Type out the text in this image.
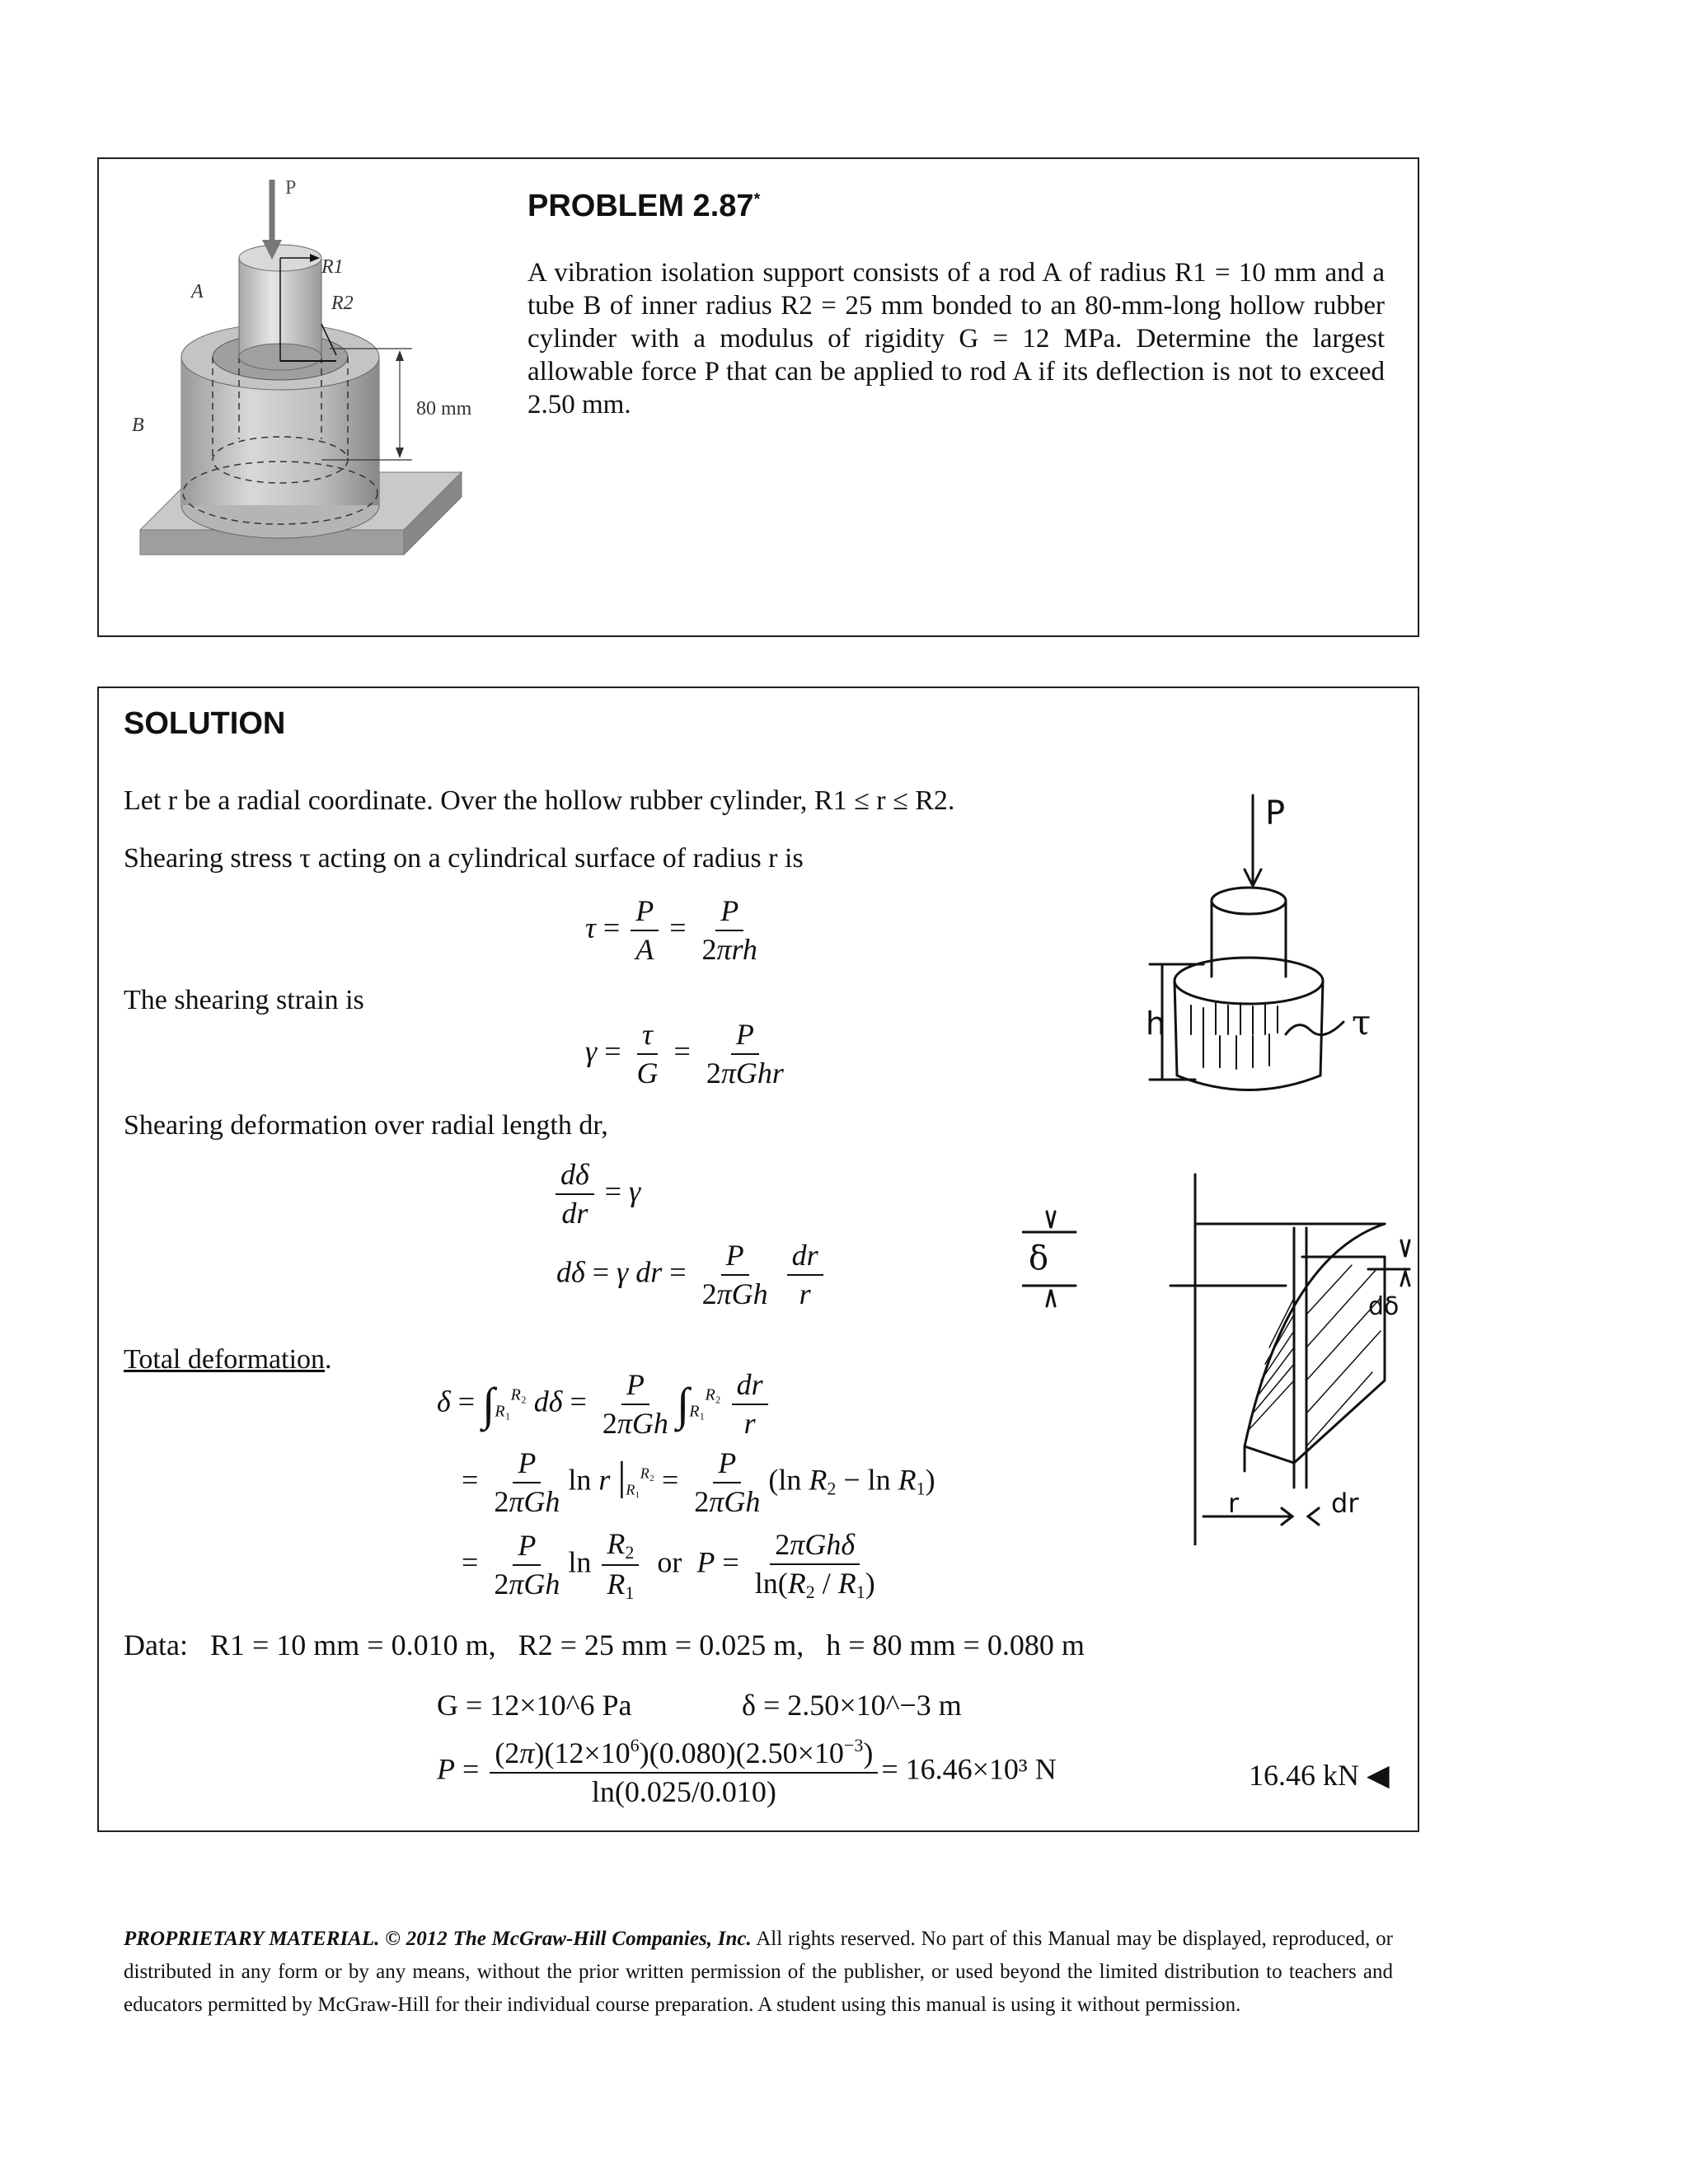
P
A
B
R1
R2
80 mm
PROBLEM 2.87*
A vibration isolation support consists of a rod A of radius R1 = 10 mm and a tube B of inner radius R2 = 25 mm bonded to an 80-mm-long hollow rubber cylinder with a modulus of rigidity G = 12 MPa. Determine the largest allowable force P that can be applied to rod A if its deflection is not to exceed 2.50 mm.
SOLUTION
Let r be a radial coordinate. Over the hollow rubber cylinder, R1 ≤ r ≤ R2.
Shearing stress τ acting on a cylindrical surface of radius r is
$\tau = \frac{P}{A} = \frac{P}{\text{2πrh}}$
The shearing strain is
$\gamma = \frac{\tau}{G} = \frac{P}{\text{2πGhr}}$
Shearing deformation over radial length dr,
$\frac{d\delta}{dr} = \gamma$
dδ = γ dr = $\frac{P}{\text{2πGh}}$
$\frac{dr}{r}$
Total deformation.
$\delta = \int_{R_1}^{R_2}$ $d\delta = \frac{P}{\text{2πGh}} \int_{R_1}^{R_2} \frac{dr}{r}$
= $\frac{P}{\text{2πGh}}$ ln r $|_{R_1}^{R_2} = \frac{P}{\text{2πGh}} (\ln$ $R_2 - \ln R_1$)
= $\frac{P}{\text{2πGh}}$ $\ln \frac{R_2}{R_1}$ or  $P = \frac{\text{2πGhδ}}{\ln(R_2 / R_1)}$
Data:   R1 = 10 mm = 0.010 m,   R2 = 25 mm = 0.025 m,   h = 80 mm = 0.080 m
G = 12×10^6 Pa	δ = 2.50×10^−3 m
$P = \frac{(2\pi)(12\times 10^6)(0.080)(2.50\times 10^{-3})}{\ln(0.025/0.010)} = 16.46\times 10^3$ N	16.46 kN ◀
P
h	τ
δ
dδ
r	dr
PROPRIETARY MATERIAL. © 2012 The McGraw-Hill Companies, Inc. All rights reserved. No part of this Manual may be displayed, reproduced, or distributed in any form or by any means, without the prior written permission of the publisher, or used beyond the limited distribution to teachers and educators permitted by McGraw-Hill for their individual course preparation. A student using this manual is using it without permission.
